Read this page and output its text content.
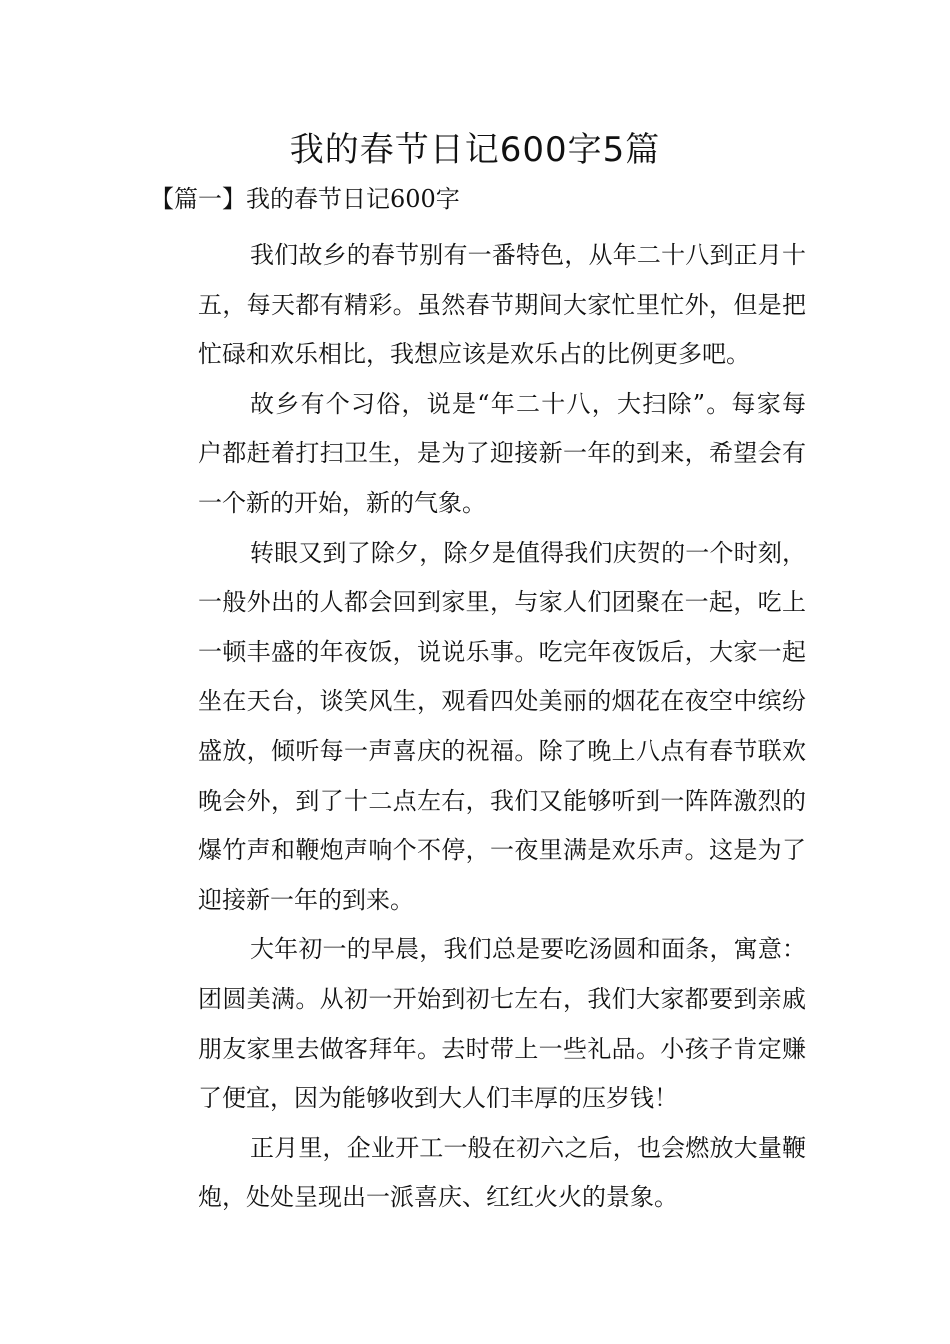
我的春节日记600字5篇
【篇一】我的春节日记600字

我们故乡的春节别有一番特色，从年二十八到正月十
五，每天都有精彩。虽然春节期间大家忙里忙外，但是把
忙碌和欢乐相比，我想应该是欢乐占的比例更多吧。

故乡有个习俗，说是“年二十八，大扫除”。每家每
户都赶着打扫卫生，是为了迎接新一年的到来，希望会有
一个新的开始，新的气象。

转眼又到了除夕，除夕是值得我们庆贺的一个时刻，
一般外出的人都会回到家里，与家人们团聚在一起，吃上
一顿丰盛的年夜饭，说说乐事。吃完年夜饭后，大家一起
坐在天台，谈笑风生，观看四处美丽的烟花在夜空中缤纷
盛放，倾听每一声喜庆的祝福。除了晚上八点有春节联欢
晚会外，到了十二点左右，我们又能够听到一阵阵激烈的
爆竹声和鞭炮声响个不停，一夜里满是欢乐声。这是为了
迎接新一年的到来。

大年初一的早晨，我们总是要吃汤圆和面条，寓意：
团圆美满。从初一开始到初七左右，我们大家都要到亲戚
朋友家里去做客拜年。去时带上一些礼品。小孩子肯定赚
了便宜，因为能够收到大人们丰厚的压岁钱！

正月里，企业开工一般在初六之后，也会燃放大量鞭
炮，处处呈现出一派喜庆、红红火火的景象。
